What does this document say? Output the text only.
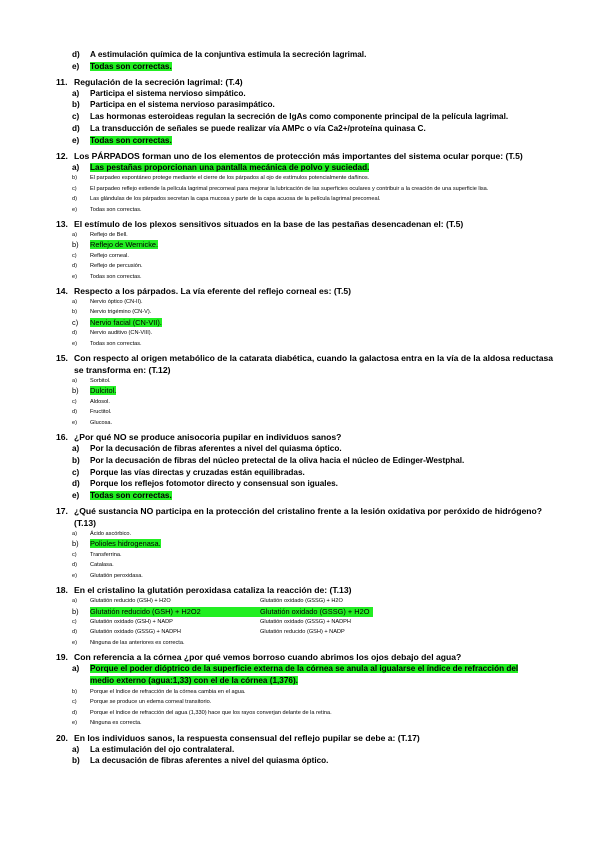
d)	A estimulación química de la conjuntiva estimula la secreción lagrimal.
e)	Todas son correctas.
11. Regulación de la secreción lagrimal: (T.4)
a)	Participa el sistema nervioso simpático.
b)	Participa en el sistema nervioso parasimpático.
c)	Las hormonas esteroideas regulan la secreción de IgAs como componente principal de la película lagrimal.
d)	La transducción de señales se puede realizar vía AMPc o vía Ca2+/proteína quinasa C.
e)	Todas son correctas.
12. Los PÁRPADOS forman uno de los elementos de protección más importantes del sistema ocular porque: (T.5)
a)	Las pestañas proporcionan una pantalla mecánica de polvo y suciedad.
b)	El parpadeo espontáneo protege mediante el cierre de los párpados al ojo de estímulos potencialmente dañinos.
c)	El parpadeo reflejo extiende la película lagrimal precorneal para mejorar la lubricación de las superficies oculares y contribuir a la creación de una superficie lisa.
d)	Las glándulas de los párpados secretan la capa mucosa y parte de la capa acuosa de la película lagrimal precorneal.
e)	Todas son correctas.
13. El estímulo de los plexos sensitivos situados en la base de las pestañas desencadenan el: (T.5)
a)	Reflejo de Bell.
b)	Reflejo de Wernicke.
c)	Reflejo corneal.
d)	Reflejo de percusión.
e)	Todas son correctas.
14. Respecto a los párpados. La vía eferente del reflejo corneal es: (T.5)
a)	Nervio óptico (CN-II).
b)	Nervio trigémino (CN-V).
c)	Nervio facial (CN-VII).
d)	Nervio auditivo (CN-VIII).
e)	Todas son correctas.
15. Con respecto al origen metabólico de la catarata diabética, cuando la galactosa entra en la vía de la aldosa reductasa se transforma en: (T.12)
a)	Sorbitol.
b)	Dulcitol.
c)	Aldosol.
d)	Fructitol.
e)	Glucosa.
16. ¿Por qué NO se produce anisocoria pupilar en individuos sanos?
a)	Por la decusación de fibras aferentes a nivel del quiasma óptico.
b)	Por la decusación de fibras del núcleo pretectal de la oliva hacia el núcleo de Edinger-Westphal.
c)	Porque las vías directas y cruzadas están equilibradas.
d)	Porque los reflejos fotomotor directo y consensual son iguales.
e)	Todas son correctas.
17. ¿Qué sustancia NO participa en la protección del cristalino frente a la lesión oxidativa por peróxido de hidrógeno? (T.13)
a)	Ácido ascórbico.
b)	Polioles hidrogenasa.
c)	Transferrina.
d)	Catalasa.
e)	Glutatión peroxidasa.
18. En el cristalino la glutatión peroxidasa cataliza la reacción de: (T.13)
a)	Glutatión reducido (GSH) + H2O	Glutatión oxidado (GSSG) + H2O
b)	Glutatión reducido (GSH) + H2O2	Glutatión oxidado (GSSG) + H2O
c)	Glutatión oxidado (GSH) + NADP	Glutatión oxidado (GSSG) + NADPH
d)	Glutatión oxidado (GSSG) + NADPH	Glutatión reducido (GSH) + NADP
e)	Ninguna de las anteriores es correcta.
19. Con referencia a la córnea ¿por qué vemos borroso cuando abrimos los ojos debajo del agua?
a)	Porque el poder dióptrico de la superficie externa de la córnea se anula al igualarse el índice de refracción del
medio externo (agua:1,33) con el de la córnea (1,376).
b)	Porque el índice de refracción de la córnea cambia en el agua.
c)	Porque se produce un edema corneal transitorio.
d)	Porque el índice de refracción del agua (1,330) hace que los rayos converjan delante de la retina.
e)	Ninguna es correcta.
20. En los individuos sanos, la respuesta consensual del reflejo pupilar se debe a: (T.17)
a)	La estimulación del ojo contralateral.
b)	La decusación de fibras aferentes a nivel del quiasma óptico.
